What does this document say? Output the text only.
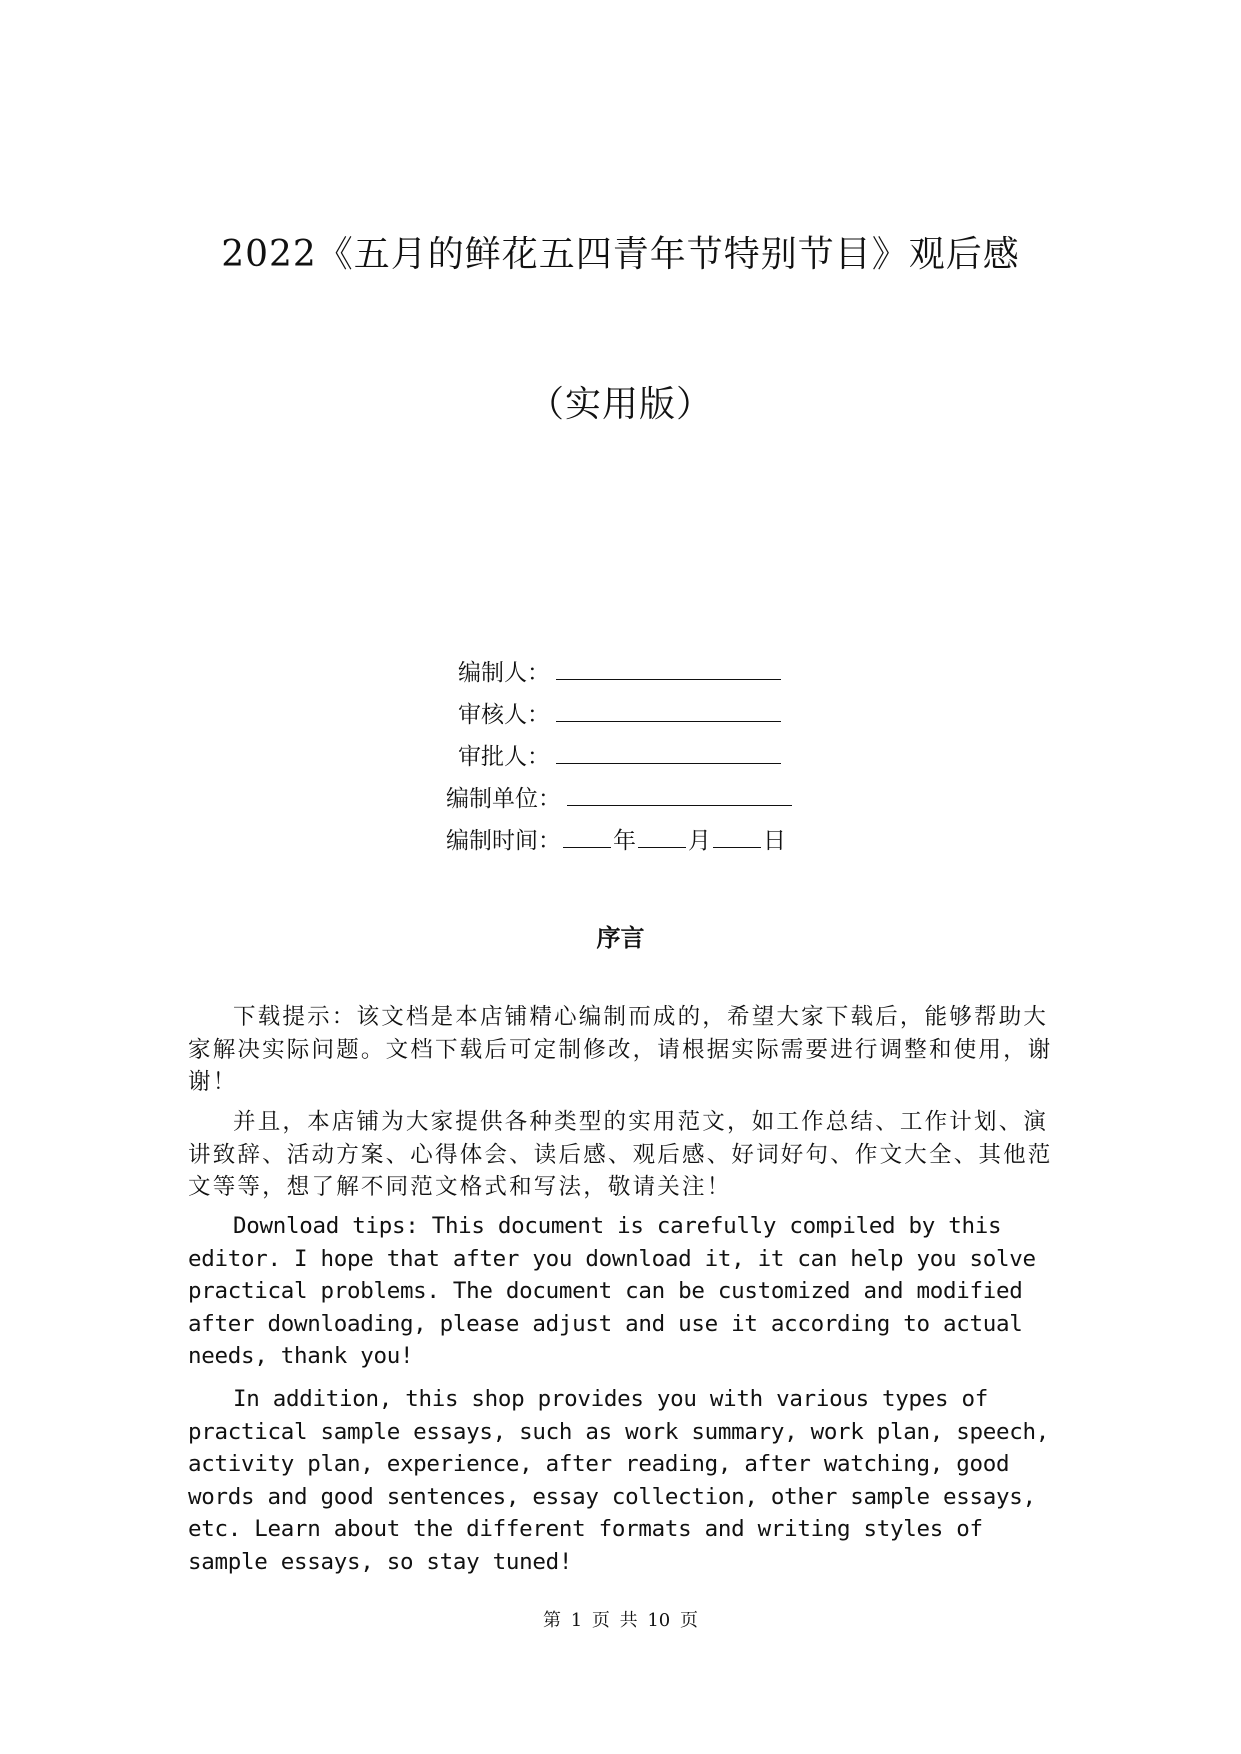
2022《五月的鲜花五四青年节特别节目》观后感
（实用版）
编制人：
审核人：
审批人：
编制单位：
编制时间： 年 月 日
序言

下载提示：该文档是本店铺精心编制而成的，希望大家下载后，能够帮助大家解决实际问题。文档下载后可定制修改，请根据实际需要进行调整和使用，谢谢！

并且，本店铺为大家提供各种类型的实用范文，如工作总结、工作计划、演讲致辞、活动方案、心得体会、读后感、观后感、好词好句、作文大全、其他范文等等，想了解不同范文格式和写法，敬请关注！

Download tips: This document is carefully compiled by this editor. I hope that after you download it, it can help you solve practical problems. The document can be customized and modified after downloading, please adjust and use it according to actual needs, thank you!

In addition, this shop provides you with various types of practical sample essays, such as work summary, work plan, speech, activity plan, experience, after reading, after watching, good words and good sentences, essay collection, other sample essays, etc. Learn about the different formats and writing styles of sample essays, so stay tuned!

第 1 页 共 10 页
